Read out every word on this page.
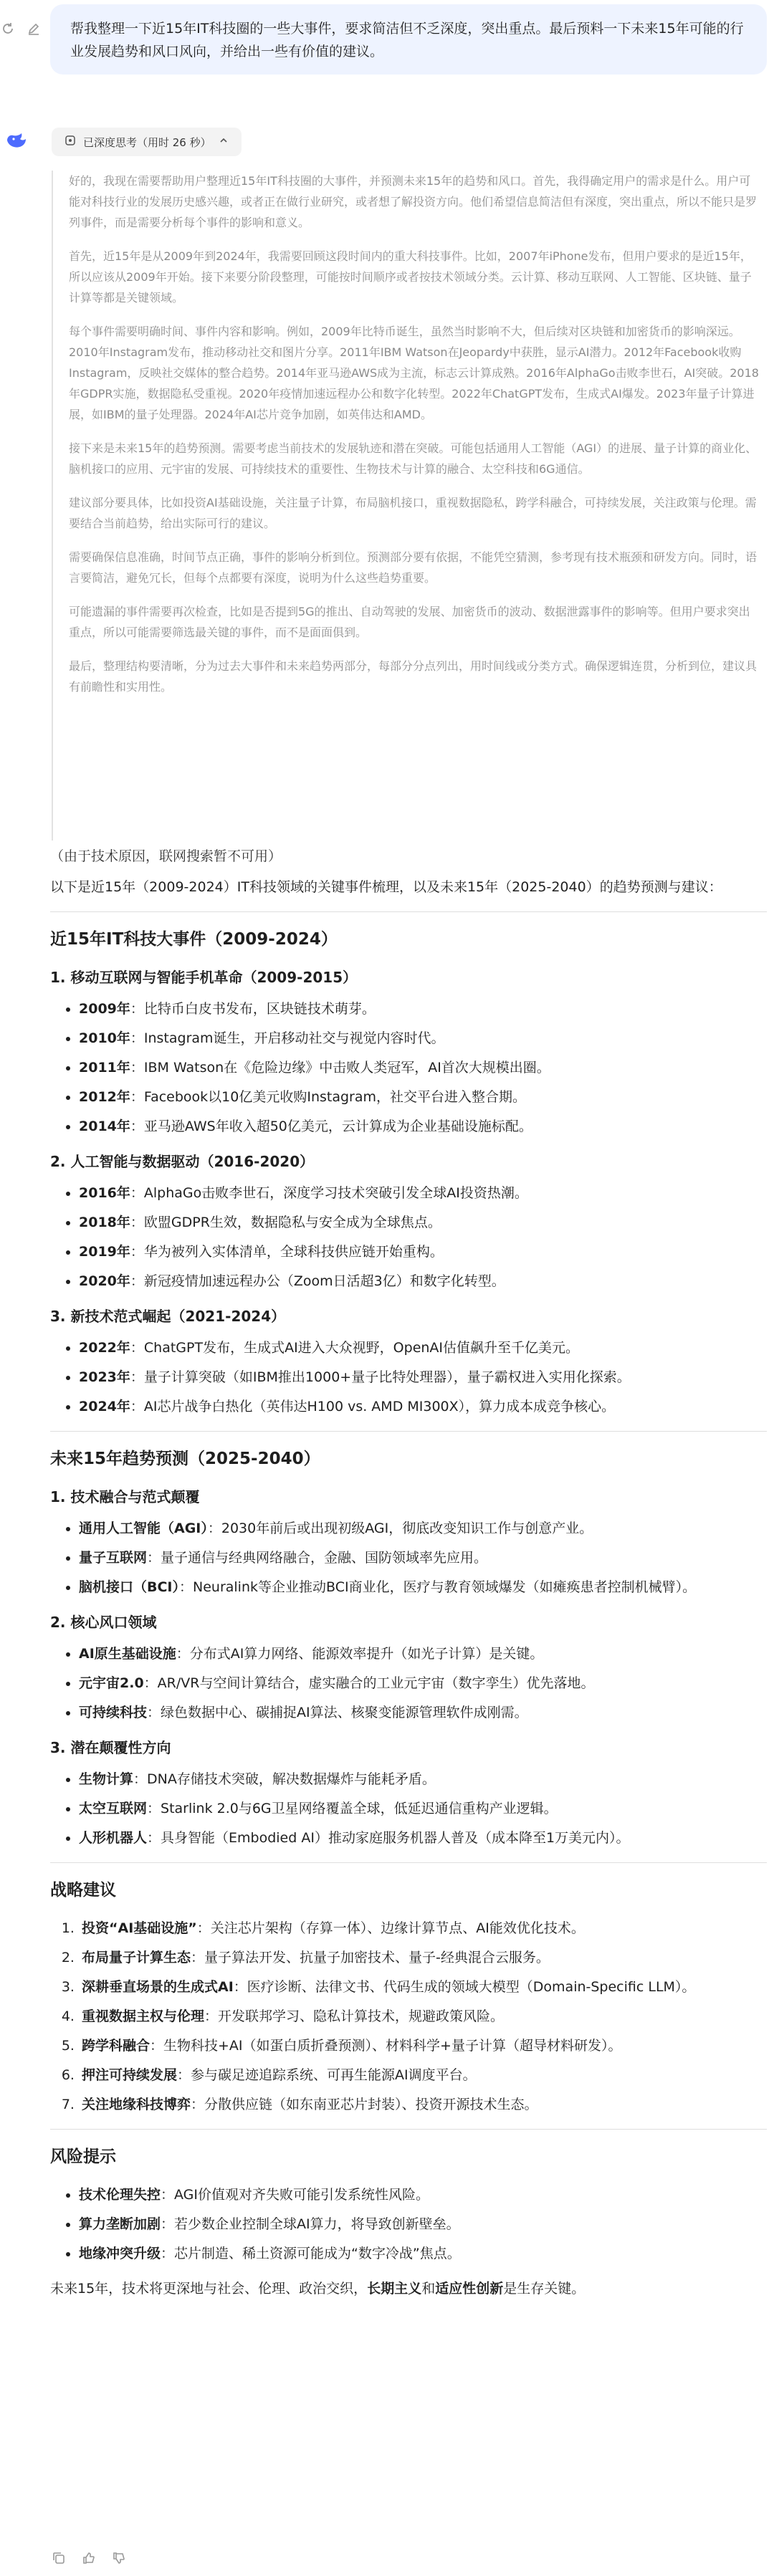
帮我整理一下近15年IT科技圈的一些大事件，要求简洁但不乏深度，突出重点。最后预料一下未来15年可能的行业发展趋势和风口风向，并给出一些有价值的建议。
已深度思考（用时 26 秒）

好的，我现在需要帮助用户整理近15年IT科技圈的大事件，并预测未来15年的趋势和风口。首先，我得确定用户的需求是什么。用户可能对科技行业的发展历史感兴趣，或者正在做行业研究，或者想了解投资方向。他们希望信息简洁但有深度，突出重点，所以不能只是罗列事件，而是需要分析每个事件的影响和意义。

首先，近15年是从2009年到2024年，我需要回顾这段时间内的重大科技事件。比如，2007年iPhone发布，但用户要求的是近15年，所以应该从2009年开始。接下来要分阶段整理，可能按时间顺序或者按技术领域分类。云计算、移动互联网、人工智能、区块链、量子计算等都是关键领域。

每个事件需要明确时间、事件内容和影响。例如，2009年比特币诞生，虽然当时影响不大，但后续对区块链和加密货币的影响深远。2010年Instagram发布，推动移动社交和图片分享。2011年IBM Watson在Jeopardy中获胜，显示AI潜力。2012年Facebook收购Instagram，反映社交媒体的整合趋势。2014年亚马逊AWS成为主流，标志云计算成熟。2016年AlphaGo击败李世石，AI突破。2018年GDPR实施，数据隐私受重视。2020年疫情加速远程办公和数字化转型。2022年ChatGPT发布，生成式AI爆发。2023年量子计算进展，如IBM的量子处理器。2024年AI芯片竞争加剧，如英伟达和AMD。

接下来是未来15年的趋势预测。需要考虑当前技术的发展轨迹和潜在突破。可能包括通用人工智能（AGI）的进展、量子计算的商业化、脑机接口的应用、元宇宙的发展、可持续技术的重要性、生物技术与计算的融合、太空科技和6G通信。

建议部分要具体，比如投资AI基础设施，关注量子计算，布局脑机接口，重视数据隐私，跨学科融合，可持续发展，关注政策与伦理。需要结合当前趋势，给出实际可行的建议。

需要确保信息准确，时间节点正确，事件的影响分析到位。预测部分要有依据，不能凭空猜测，参考现有技术瓶颈和研发方向。同时，语言要简洁，避免冗长，但每个点都要有深度，说明为什么这些趋势重要。

可能遗漏的事件需要再次检查，比如是否提到5G的推出、自动驾驶的发展、加密货币的波动、数据泄露事件的影响等。但用户要求突出重点，所以可能需要筛选最关键的事件，而不是面面俱到。

最后，整理结构要清晰，分为过去大事件和未来趋势两部分，每部分分点列出，用时间线或分类方式。确保逻辑连贯，分析到位，建议具有前瞻性和实用性。

（由于技术原因，联网搜索暂不可用）

以下是近15年（2009-2024）IT科技领域的关键事件梳理，以及未来15年（2025-2040）的趋势预测与建议：

近15年IT科技大事件（2009-2024）
1. 移动互联网与智能手机革命（2009-2015）
• 2009年：比特币白皮书发布，区块链技术萌芽。
• 2010年：Instagram诞生，开启移动社交与视觉内容时代。
• 2011年：IBM Watson在《危险边缘》中击败人类冠军，AI首次大规模出圈。
• 2012年：Facebook以10亿美元收购Instagram，社交平台进入整合期。
• 2014年：亚马逊AWS年收入超50亿美元，云计算成为企业基础设施标配。
2. 人工智能与数据驱动（2016-2020）
• 2016年：AlphaGo击败李世石，深度学习技术突破引发全球AI投资热潮。
• 2018年：欧盟GDPR生效，数据隐私与安全成为全球焦点。
• 2019年：华为被列入实体清单，全球科技供应链开始重构。
• 2020年：新冠疫情加速远程办公（Zoom日活超3亿）和数字化转型。
3. 新技术范式崛起（2021-2024）
• 2022年：ChatGPT发布，生成式AI进入大众视野，OpenAI估值飙升至千亿美元。
• 2023年：量子计算突破（如IBM推出1000+量子比特处理器），量子霸权进入实用化探索。
• 2024年：AI芯片战争白热化（英伟达H100 vs. AMD MI300X），算力成本成竞争核心。
未来15年趋势预测（2025-2040）
1. 技术融合与范式颠覆
• 通用人工智能（AGI）：2030年前后或出现初级AGI，彻底改变知识工作与创意产业。
• 量子互联网：量子通信与经典网络融合，金融、国防领域率先应用。
• 脑机接口（BCI）：Neuralink等企业推动BCI商业化，医疗与教育领域爆发（如瘫痪患者控制机械臂）。
2. 核心风口领域
• AI原生基础设施：分布式AI算力网络、能源效率提升（如光子计算）是关键。
• 元宇宙2.0：AR/VR与空间计算结合，虚实融合的工业元宇宙（数字孪生）优先落地。
• 可持续科技：绿色数据中心、碳捕捉AI算法、核聚变能源管理软件成刚需。
3. 潜在颠覆性方向
• 生物计算：DNA存储技术突破，解决数据爆炸与能耗矛盾。
• 太空互联网：Starlink 2.0与6G卫星网络覆盖全球，低延迟通信重构产业逻辑。
• 人形机器人：具身智能（Embodied AI）推动家庭服务机器人普及（成本降至1万美元内）。
战略建议
1. 投资“AI基础设施”：关注芯片架构（存算一体）、边缘计算节点、AI能效优化技术。
2. 布局量子计算生态：量子算法开发、抗量子加密技术、量子-经典混合云服务。
3. 深耕垂直场景的生成式AI：医疗诊断、法律文书、代码生成的领域大模型（Domain-Specific LLM）。
4. 重视数据主权与伦理：开发联邦学习、隐私计算技术，规避政策风险。
5. 跨学科融合：生物科技+AI（如蛋白质折叠预测）、材料科学+量子计算（超导材料研发）。
6. 押注可持续发展：参与碳足迹追踪系统、可再生能源AI调度平台。
7. 关注地缘科技博弈：分散供应链（如东南亚芯片封装）、投资开源技术生态。
风险提示
• 技术伦理失控：AGI价值观对齐失败可能引发系统性风险。
• 算力垄断加剧：若少数企业控制全球AI算力，将导致创新壁垒。
• 地缘冲突升级：芯片制造、稀土资源可能成为“数字冷战”焦点。

未来15年，技术将更深地与社会、伦理、政治交织，长期主义和适应性创新是生存关键。
